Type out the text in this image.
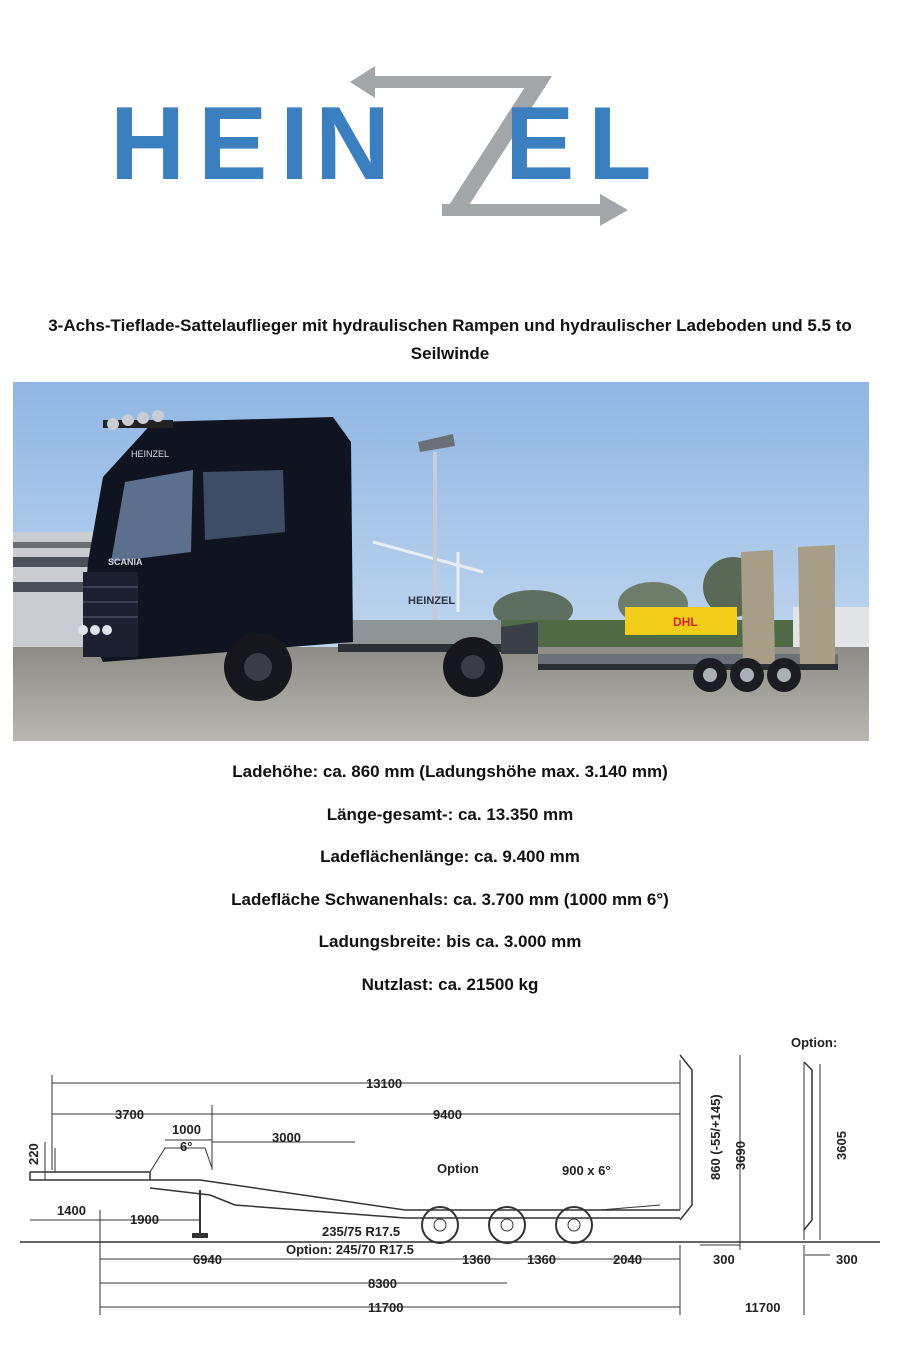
H E I
N E L
3-Achs-Tieflade-Sattelauflieger mit hydraulischen Rampen und hydraulischer Ladeboden und 5.5 to
Seilwinde
DHL
HEINZEL
HEINZEL
SCANIA
Ladehöhe: ca. 860 mm (Ladungshöhe max. 3.140 mm)
Länge-gesamt-: ca. 13.350 mm
Ladeflächenlänge: ca. 9.400 mm
Ladefläche Schwanenhals: ca. 3.700 mm (1000 mm 6°)
Ladungsbreite: bis ca. 3.000 mm
Nutzlast: ca. 21500 kg
13100
3700	9400
1000
6°
3000
220
Option	900 x 6°	860 (-55/+145) 3690
1400
1900
235/75 R17.5
Option: 245/70 R17.5
6940	1360	1360	2040	300
8300
11700
Option:
3605
300
11700
